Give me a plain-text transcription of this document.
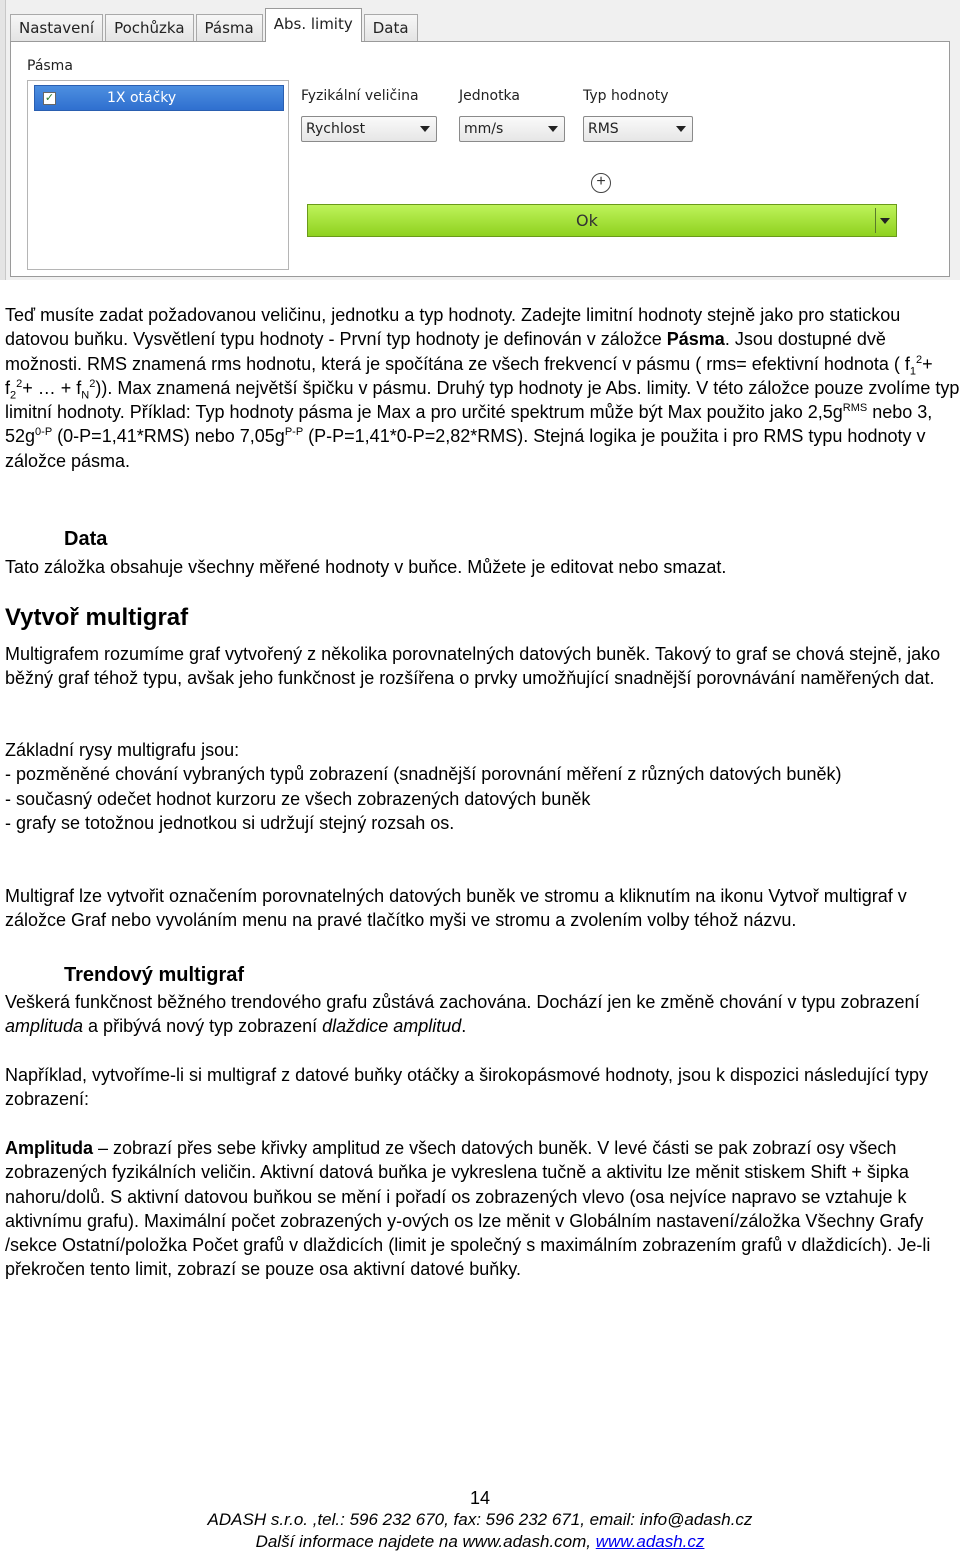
Nastavení	Pochůzka	Pásma	Abs. limity	Data
Pásma
✓	1X otáčky	Fyzikální veličina	Jednotka	Typ hodnoty
Rychlost	mm/s	RMS
+
Ok
Teď musíte zadat požadovanou veličinu, jednotku a typ hodnoty. Zadejte limitní hodnoty stejně jako pro statickou datovou buňku. Vysvětlení typu hodnoty - První typ hodnoty je definován v záložce Pásma. Jsou dostupné dvě možnosti. RMS znamená rms hodnotu, která je spočítána ze všech frekvencí v pásmu ( rms= efektivní hodnota ( $f_1^2+ f_2^2+$ … + $f_N^2$)). Max znamená největší špičku v pásmu. Druhý typ hodnoty je Abs. limity. V této záložce pouze zvolíme typ limitní hodnoty. Příklad: Typ hodnoty pásma je Max a pro určité spektrum může být Max použito jako $2,5g^{RMS}$ nebo 3, $52g^{0-P}$ (0-P=1,41*RMS) nebo $7,05g^{P-P}$ (P-P=1,41*0-P=2,82*RMS). Stejná logika je použita i pro RMS typu hodnoty v záložce pásma.
Data
Tato záložka obsahuje všechny měřené hodnoty v buňce. Můžete je editovat nebo smazat.
Vytvoř multigraf
Multigrafem rozumíme graf vytvořený z několika porovnatelných datových buněk. Takový to graf se chová stejně, jako běžný graf téhož typu, avšak jeho funkčnost je rozšířena o prvky umožňující snadnější porovnávání naměřených dat.
Základní rysy multigrafu jsou:
- pozměněné chování vybraných typů zobrazení (snadnější porovnání měření z různých datových buněk)
- současný odečet hodnot kurzoru ze všech zobrazených datových buněk
- grafy se totožnou jednotkou si udržují stejný rozsah os.
Multigraf lze vytvořit označením porovnatelných datových buněk ve stromu a kliknutím na ikonu Vytvoř multigraf v záložce Graf nebo vyvoláním menu na pravé tlačítko myši ve stromu a zvolením volby téhož názvu.
Trendový multigraf
Veškerá funkčnost běžného trendového grafu zůstává zachována. Dochází jen ke změně chování v typu zobrazení amplituda a přibývá nový typ zobrazení dlaždice amplitud.
Například, vytvoříme-li si multigraf z datové buňky otáčky a širokopásmové hodnoty, jsou k dispozici následující typy zobrazení:
Amplituda – zobrazí přes sebe křivky amplitud ze všech datových buněk. V levé části se pak zobrazí osy všech zobrazených fyzikálních veličin. Aktivní datová buňka je vykreslena tučně a aktivitu lze měnit stiskem Shift + šipka nahoru/dolů. S aktivní datovou buňkou se mění i pořadí os zobrazených vlevo (osa nejvíce napravo se vztahuje k aktivnímu grafu). Maximální počet zobrazených y-ových os lze měnit v Globálním nastavení/záložka Všechny Grafy /sekce Ostatní/položka Počet grafů v dlaždicích (limit je společný s maximálním zobrazením grafů v dlaždicích). Je-li překročen tento limit, zobrazí se pouze osa aktivní datové buňky.
14
ADASH s.r.o. ,tel.: 596 232 670, fax: 596 232 671, email: info@adash.cz
Další informace najdete na www.adash.com, www.adash.cz
